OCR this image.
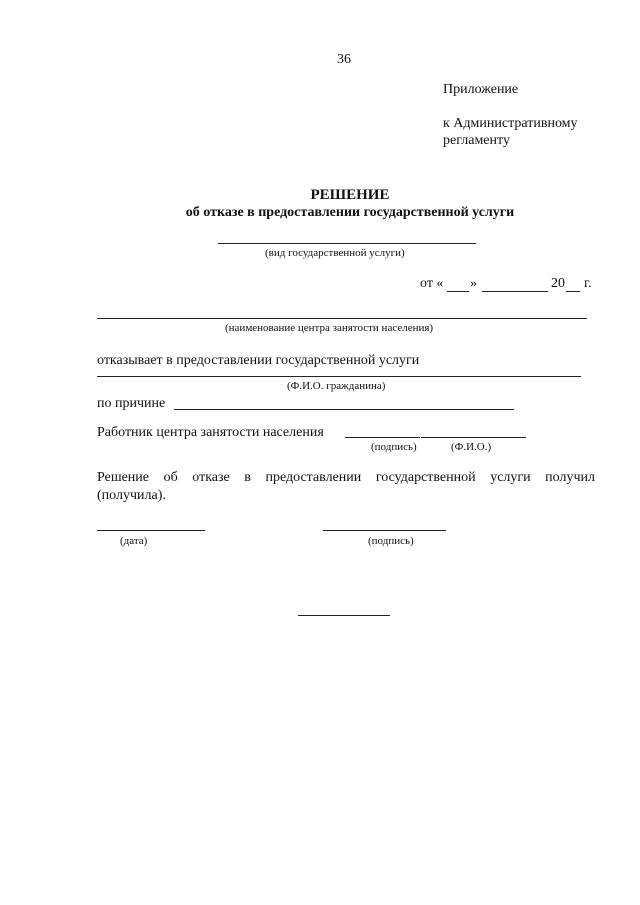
36
Приложение
к Административному
регламенту
РЕШЕНИЕ
об отказе в предоставлении государственной услуги
(вид государственной услуги)
от « »	20 г.
(наименование центра занятости населения)
отказывает в предоставлении государственной услуги
(Ф.И.О. гражданина)
по причине
Работник центра занятости населения
(подпись)	(Ф.И.О.)
Решение об отказе в предоставлении государственной услуги получил
(получила).
(дата)	(подпись)
